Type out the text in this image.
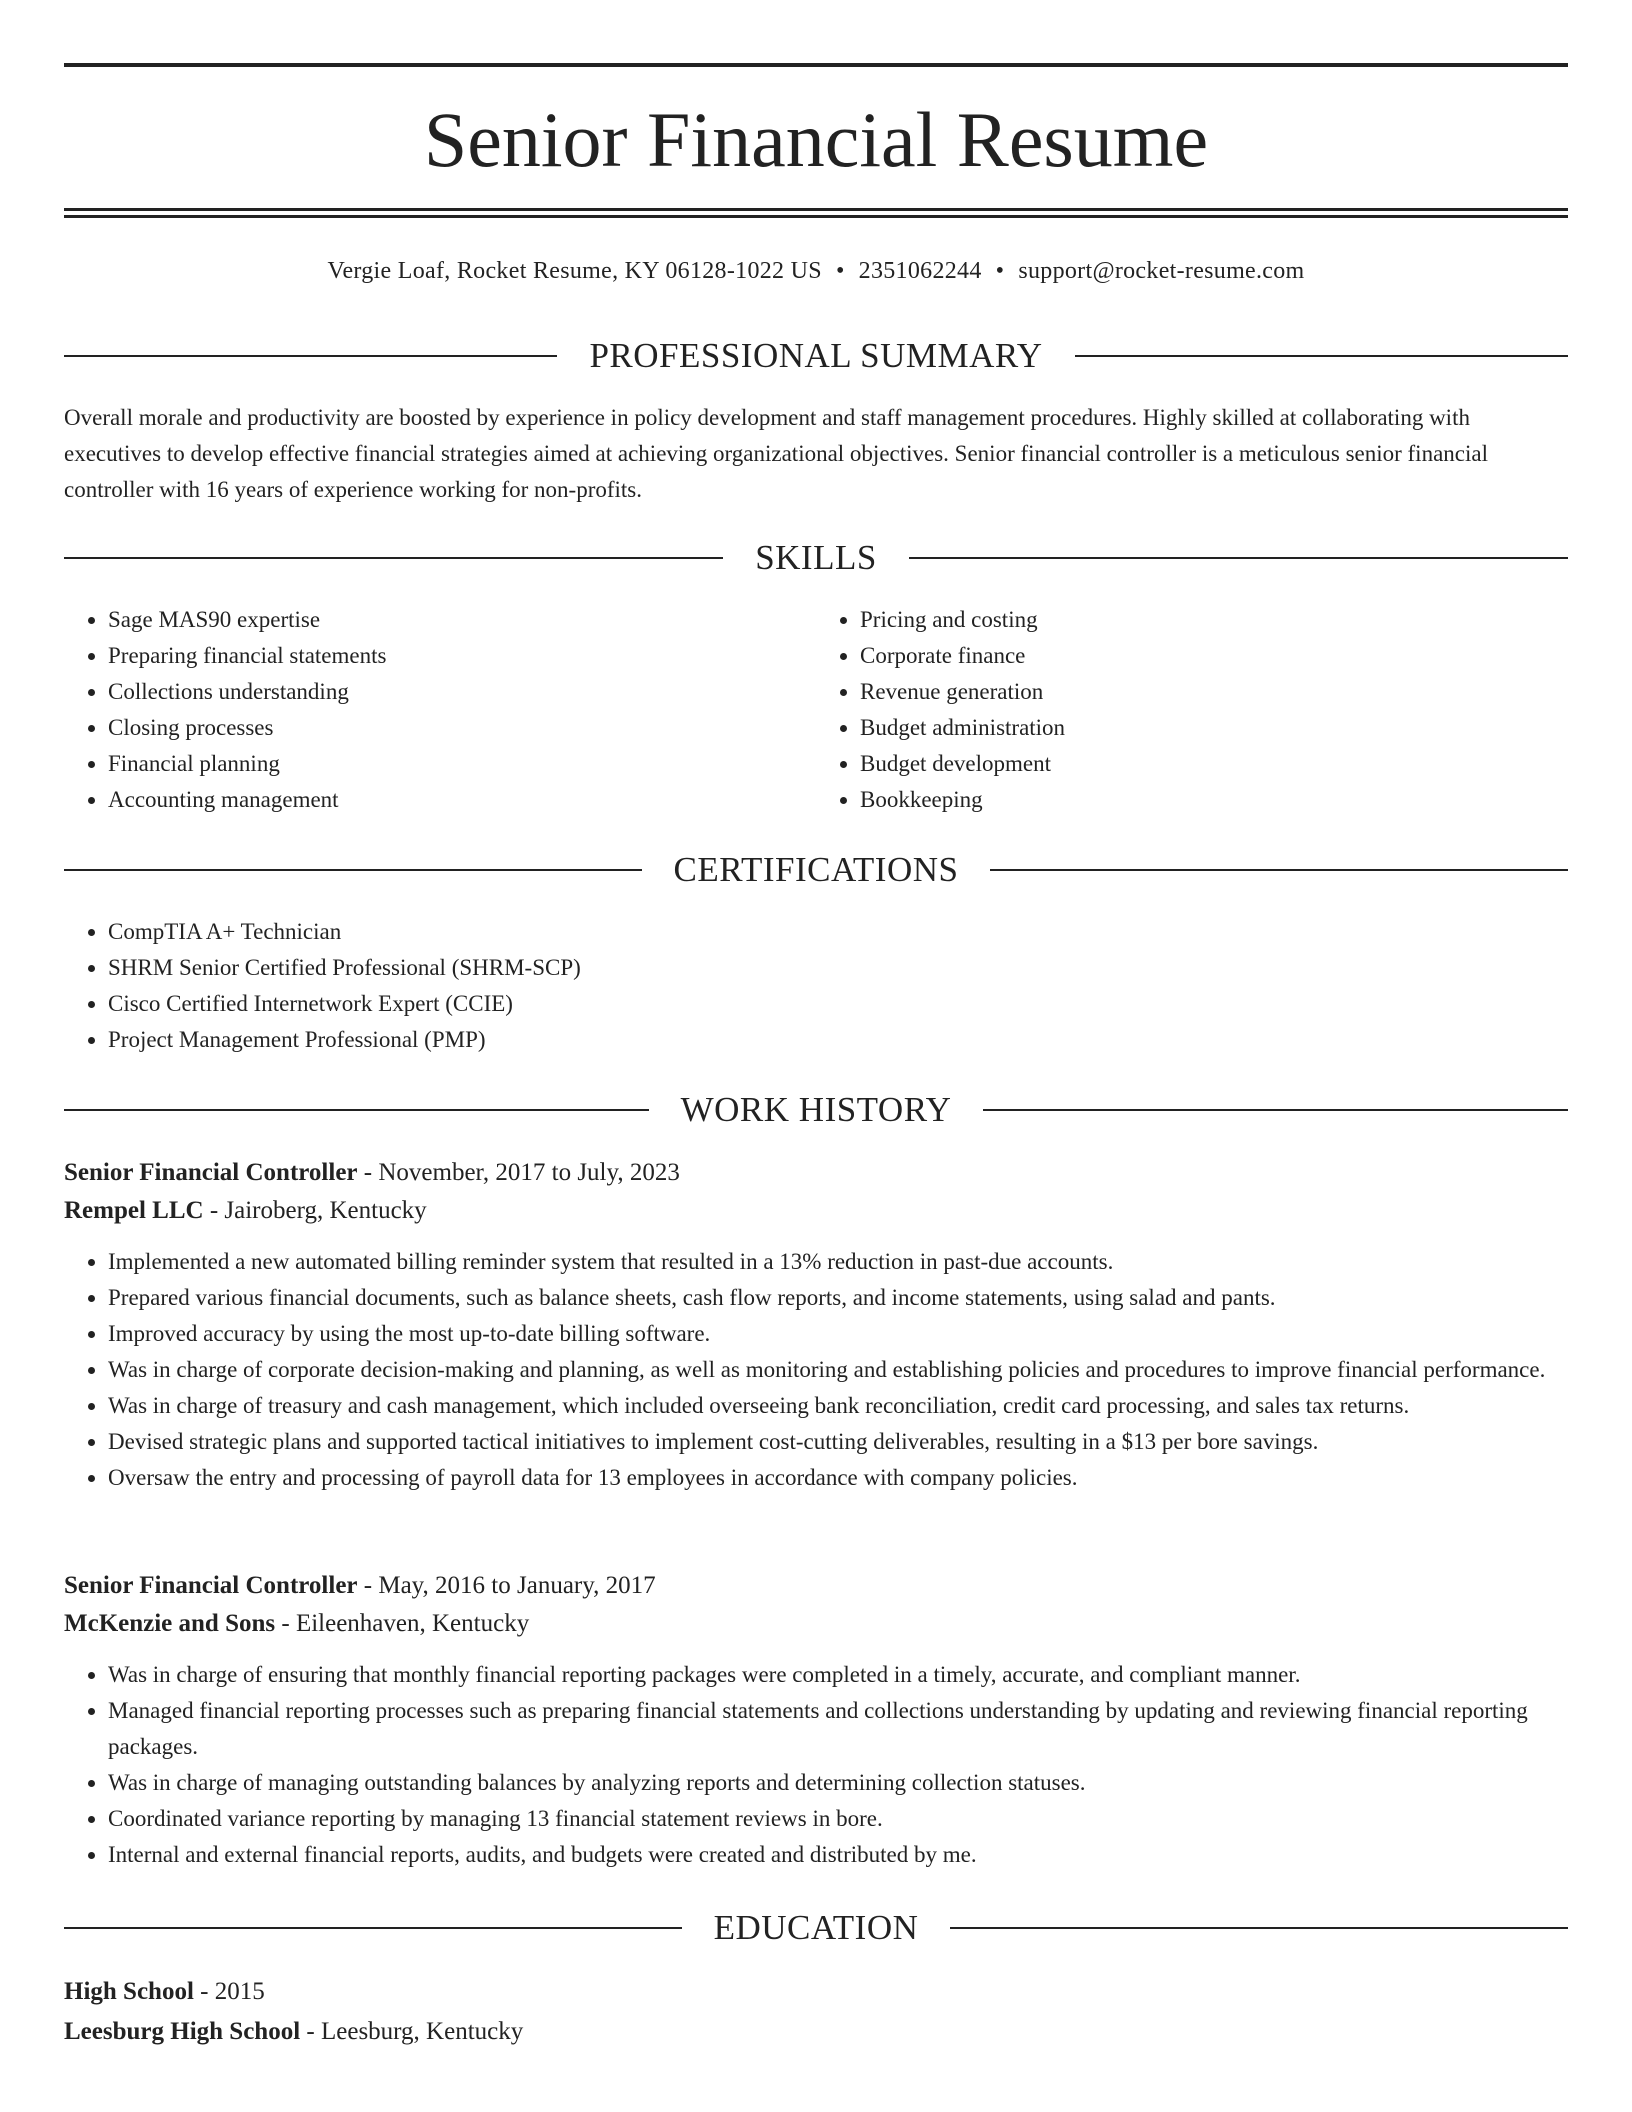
Senior Financial Resume
Vergie Loaf, Rocket Resume, KY 06128-1022 US • 2351062244 • support@rocket-resume.com
PROFESSIONAL SUMMARY

Overall morale and productivity are boosted by experience in policy development and staff management procedures. Highly skilled at collaborating with executives to develop effective financial strategies aimed at achieving organizational objectives. Senior financial controller is a meticulous senior financial controller with 16 years of experience working for non-profits.

SKILLS
• Sage MAS90 expertise
• Preparing financial statements
• Collections understanding
• Closing processes
• Financial planning
• Accounting management
• Pricing and costing
• Corporate finance
• Revenue generation
• Budget administration
• Budget development
• Bookkeeping
CERTIFICATIONS
• CompTIA A+ Technician
• SHRM Senior Certified Professional (SHRM-SCP)
• Cisco Certified Internetwork Expert (CCIE)
• Project Management Professional (PMP)
WORK HISTORY
Senior Financial Controller - November, 2017 to July, 2023
Rempel LLC - Jairoberg, Kentucky
• Implemented a new automated billing reminder system that resulted in a 13% reduction in past-due accounts.
• Prepared various financial documents, such as balance sheets, cash flow reports, and income statements, using salad and pants.
• Improved accuracy by using the most up-to-date billing software.
• Was in charge of corporate decision-making and planning, as well as monitoring and establishing policies and procedures to improve financial performance.
• Was in charge of treasury and cash management, which included overseeing bank reconciliation, credit card processing, and sales tax returns.
• Devised strategic plans and supported tactical initiatives to implement cost-cutting deliverables, resulting in a $13 per bore savings.
• Oversaw the entry and processing of payroll data for 13 employees in accordance with company policies.
Senior Financial Controller - May, 2016 to January, 2017
McKenzie and Sons - Eileenhaven, Kentucky
• Was in charge of ensuring that monthly financial reporting packages were completed in a timely, accurate, and compliant manner.
• Managed financial reporting processes such as preparing financial statements and collections understanding by updating and reviewing financial reporting packages.
• Was in charge of managing outstanding balances by analyzing reports and determining collection statuses.
• Coordinated variance reporting by managing 13 financial statement reviews in bore.
• Internal and external financial reports, audits, and budgets were created and distributed by me.
EDUCATION
High School - 2015
Leesburg High School - Leesburg, Kentucky
